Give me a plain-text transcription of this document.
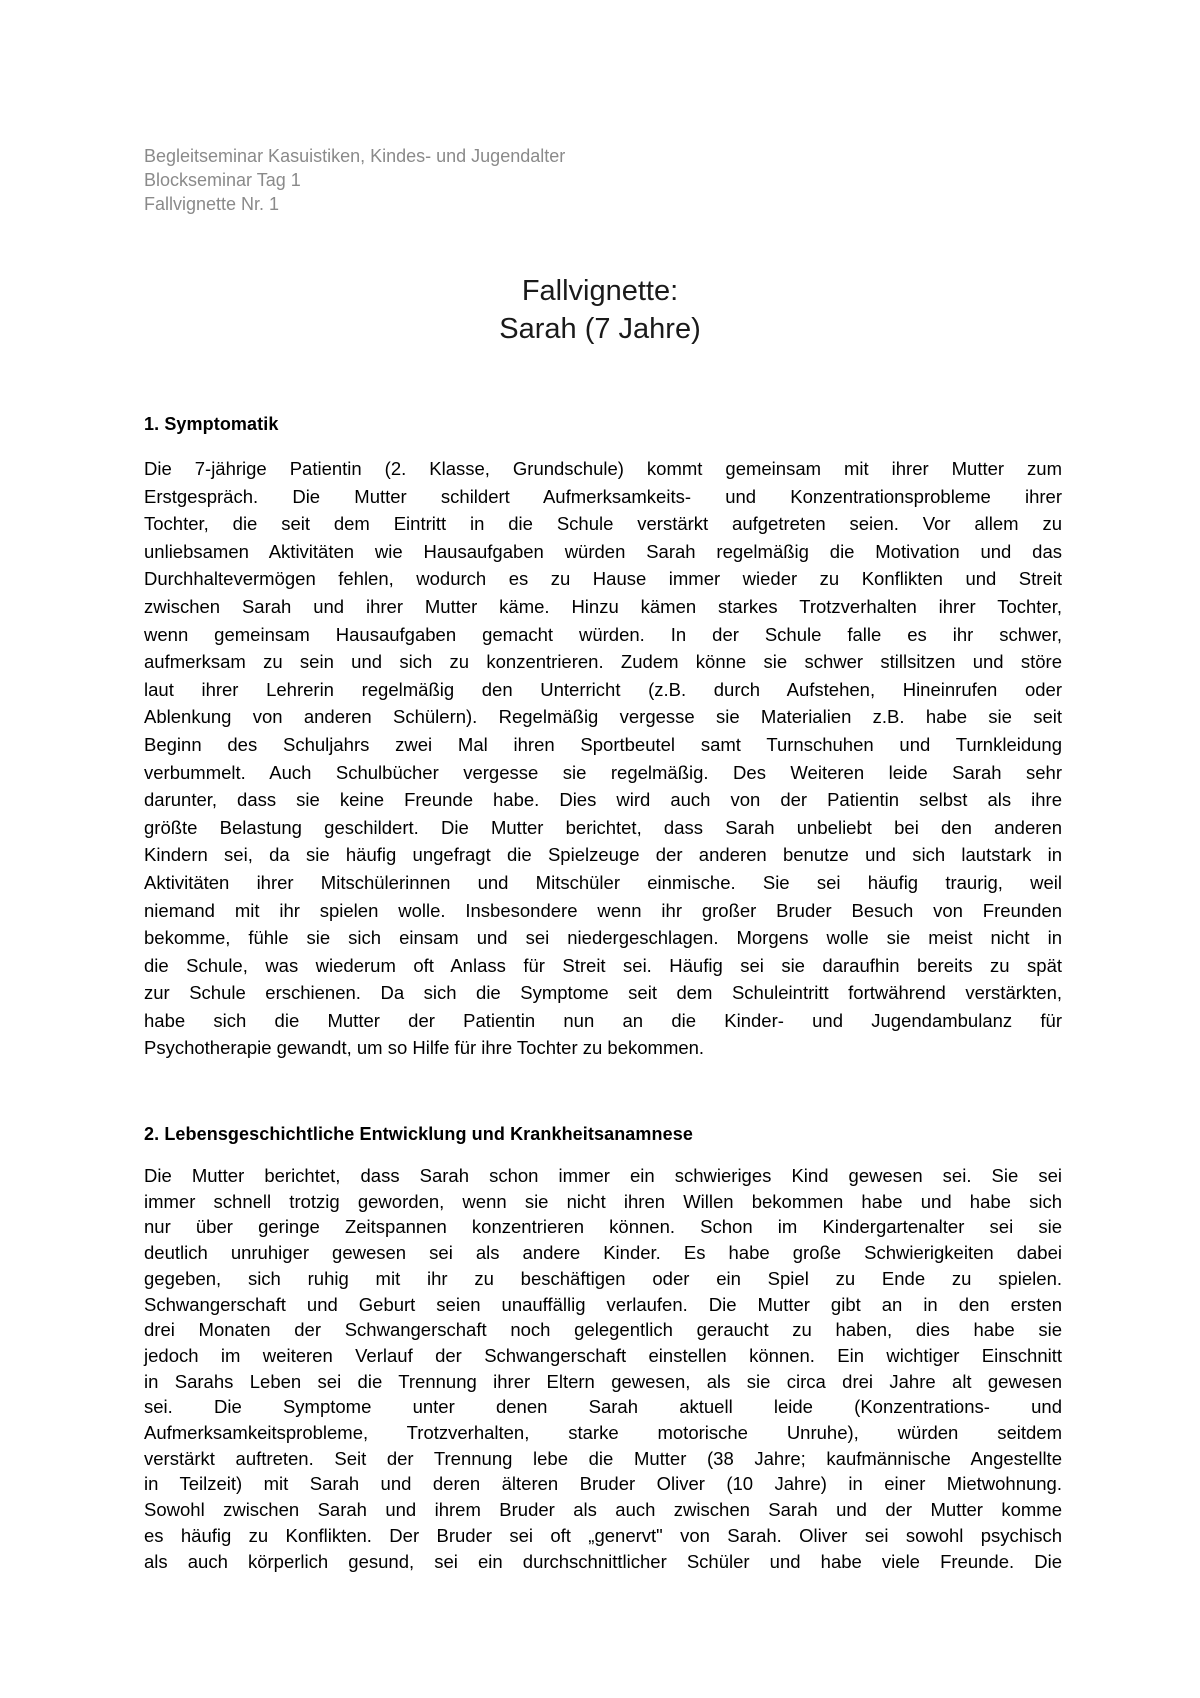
Begleitseminar Kasuistiken, Kindes- und Jugendalter
Blockseminar Tag 1
Fallvignette Nr. 1
Fallvignette:
Sarah (7 Jahre)
1. Symptomatik
Die 7-jährige Patientin (2. Klasse, Grundschule) kommt gemeinsam mit ihrer Mutter zum
Erstgespräch. Die Mutter schildert Aufmerksamkeits- und Konzentrationsprobleme ihrer
Tochter, die seit dem Eintritt in die Schule verstärkt aufgetreten seien. Vor allem zu
unliebsamen Aktivitäten wie Hausaufgaben würden Sarah regelmäßig die Motivation und das
Durchhaltevermögen fehlen, wodurch es zu Hause immer wieder zu Konflikten und Streit
zwischen Sarah und ihrer Mutter käme. Hinzu kämen starkes Trotzverhalten ihrer Tochter,
wenn gemeinsam Hausaufgaben gemacht würden. In der Schule falle es ihr schwer,
aufmerksam zu sein und sich zu konzentrieren. Zudem könne sie schwer stillsitzen und störe
laut ihrer Lehrerin regelmäßig den Unterricht (z.B. durch Aufstehen, Hineinrufen oder
Ablenkung von anderen Schülern). Regelmäßig vergesse sie Materialien z.B. habe sie seit
Beginn des Schuljahrs zwei Mal ihren Sportbeutel samt Turnschuhen und Turnkleidung
verbummelt. Auch Schulbücher vergesse sie regelmäßig. Des Weiteren leide Sarah sehr
darunter, dass sie keine Freunde habe. Dies wird auch von der Patientin selbst als ihre
größte Belastung geschildert. Die Mutter berichtet, dass Sarah unbeliebt bei den anderen
Kindern sei, da sie häufig ungefragt die Spielzeuge der anderen benutze und sich lautstark in
Aktivitäten ihrer Mitschülerinnen und Mitschüler einmische. Sie sei häufig traurig, weil
niemand mit ihr spielen wolle. Insbesondere wenn ihr großer Bruder Besuch von Freunden
bekomme, fühle sie sich einsam und sei niedergeschlagen. Morgens wolle sie meist nicht in
die Schule, was wiederum oft Anlass für Streit sei. Häufig sei sie daraufhin bereits zu spät
zur Schule erschienen. Da sich die Symptome seit dem Schuleintritt fortwährend verstärkten,
habe sich die Mutter der Patientin nun an die Kinder- und Jugendambulanz für
Psychotherapie gewandt, um so Hilfe für ihre Tochter zu bekommen.
2. Lebensgeschichtliche Entwicklung und Krankheitsanamnese
Die Mutter berichtet, dass Sarah schon immer ein schwieriges Kind gewesen sei. Sie sei
immer schnell trotzig geworden, wenn sie nicht ihren Willen bekommen habe und habe sich
nur über geringe Zeitspannen konzentrieren können. Schon im Kindergartenalter sei sie
deutlich unruhiger gewesen sei als andere Kinder. Es habe große Schwierigkeiten dabei
gegeben, sich ruhig mit ihr zu beschäftigen oder ein Spiel zu Ende zu spielen.
Schwangerschaft und Geburt seien unauffällig verlaufen. Die Mutter gibt an in den ersten
drei Monaten der Schwangerschaft noch gelegentlich geraucht zu haben, dies habe sie
jedoch im weiteren Verlauf der Schwangerschaft einstellen können. Ein wichtiger Einschnitt
in Sarahs Leben sei die Trennung ihrer Eltern gewesen, als sie circa drei Jahre alt gewesen
sei. Die Symptome unter denen Sarah aktuell leide (Konzentrations- und
Aufmerksamkeitsprobleme, Trotzverhalten, starke motorische Unruhe), würden seitdem
verstärkt auftreten. Seit der Trennung lebe die Mutter (38 Jahre; kaufmännische Angestellte
in Teilzeit) mit Sarah und deren älteren Bruder Oliver (10 Jahre) in einer Mietwohnung.
Sowohl zwischen Sarah und ihrem Bruder als auch zwischen Sarah und der Mutter komme
es häufig zu Konflikten. Der Bruder sei oft „genervt" von Sarah. Oliver sei sowohl psychisch
als auch körperlich gesund, sei ein durchschnittlicher Schüler und habe viele Freunde. Die
